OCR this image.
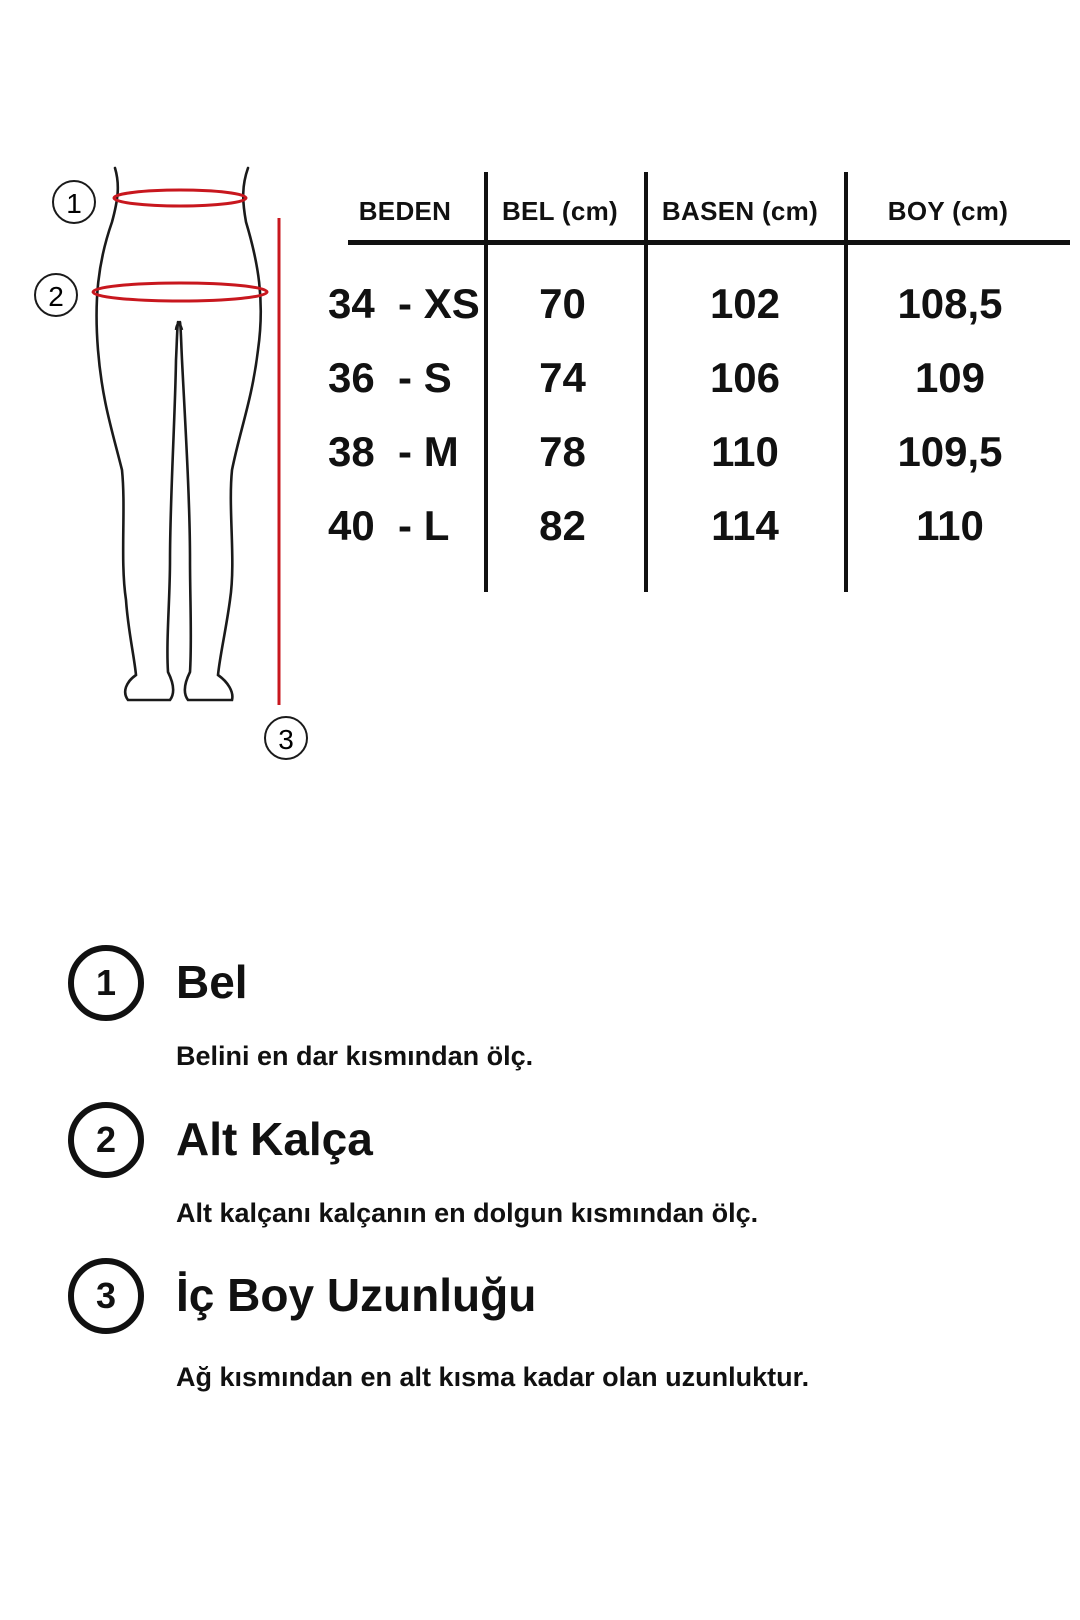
1
2
3
BEDEN	BEL (cm)	BASEN (cm)	BOY (cm)
34  - XS	70	102	108,5
36  - S	74	106	109
38  - M	78	110	109,5
40  - L	82	114	110
1	Bel
Belini en dar kısmından ölç.
2	Alt Kalça
Alt kalçanı kalçanın en dolgun kısmından ölç.
3	İç Boy Uzunluğu
Ağ kısmından en alt kısma kadar olan uzunluktur.
